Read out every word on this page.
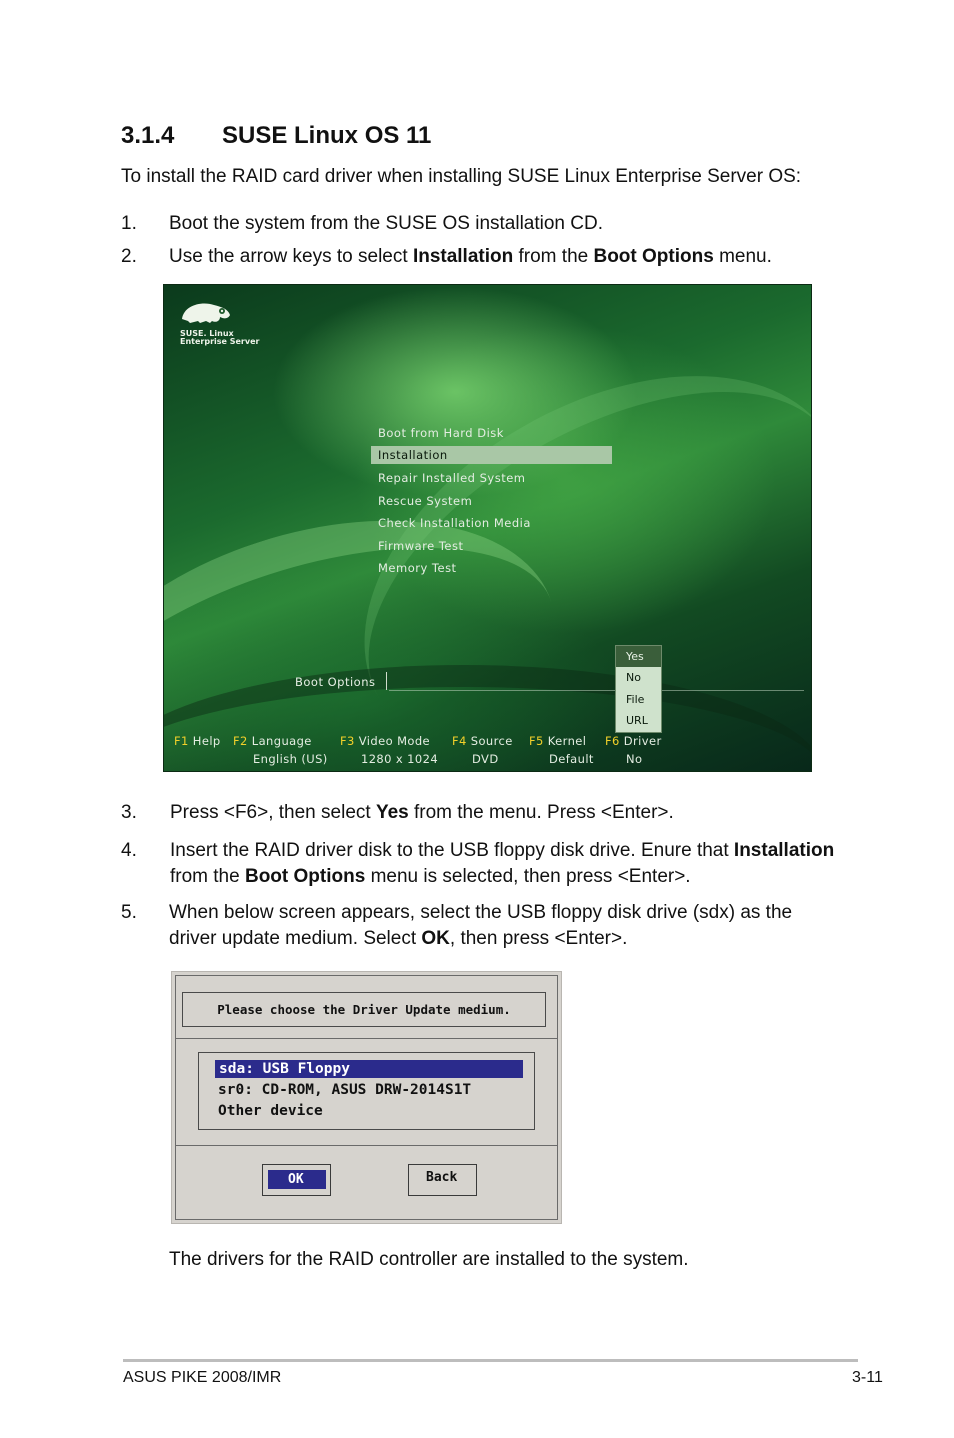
3.1.4 SUSE Linux OS 11
To install the RAID card driver when installing SUSE Linux Enterprise Server OS:
1. Boot the system from the SUSE OS installation CD.
2. Use the arrow keys to select Installation from the Boot Options menu.
SUSE. Linux
Enterprise Server
Boot from Hard Disk
Installation
Repair Installed System
Rescue System
Check Installation Media
Firmware Test
Memory Test
Boot Options
Yes
No
File
URL
F1 Help F2 Language F3 Video Mode F4 Source F5 Kernel F6 Driver
English (US)	1280 x 1024	DVD	Default	No
3. Press <F6>, then select Yes from the menu. Press <Enter>.
4. Insert the RAID driver disk to the USB floppy disk drive. Enure that Installation
from the Boot Options menu is selected, then press <Enter>.
5. When below screen appears, select the USB floppy disk drive (sdx) as the
driver update medium. Select OK, then press <Enter>.
Please choose the Driver Update medium.
sda: USB Floppy
sr0: CD-ROM, ASUS DRW-2014S1T
Other device
OK	Back
The drivers for the RAID controller are installed to the system.
ASUS PIKE 2008/IMR	3-11
